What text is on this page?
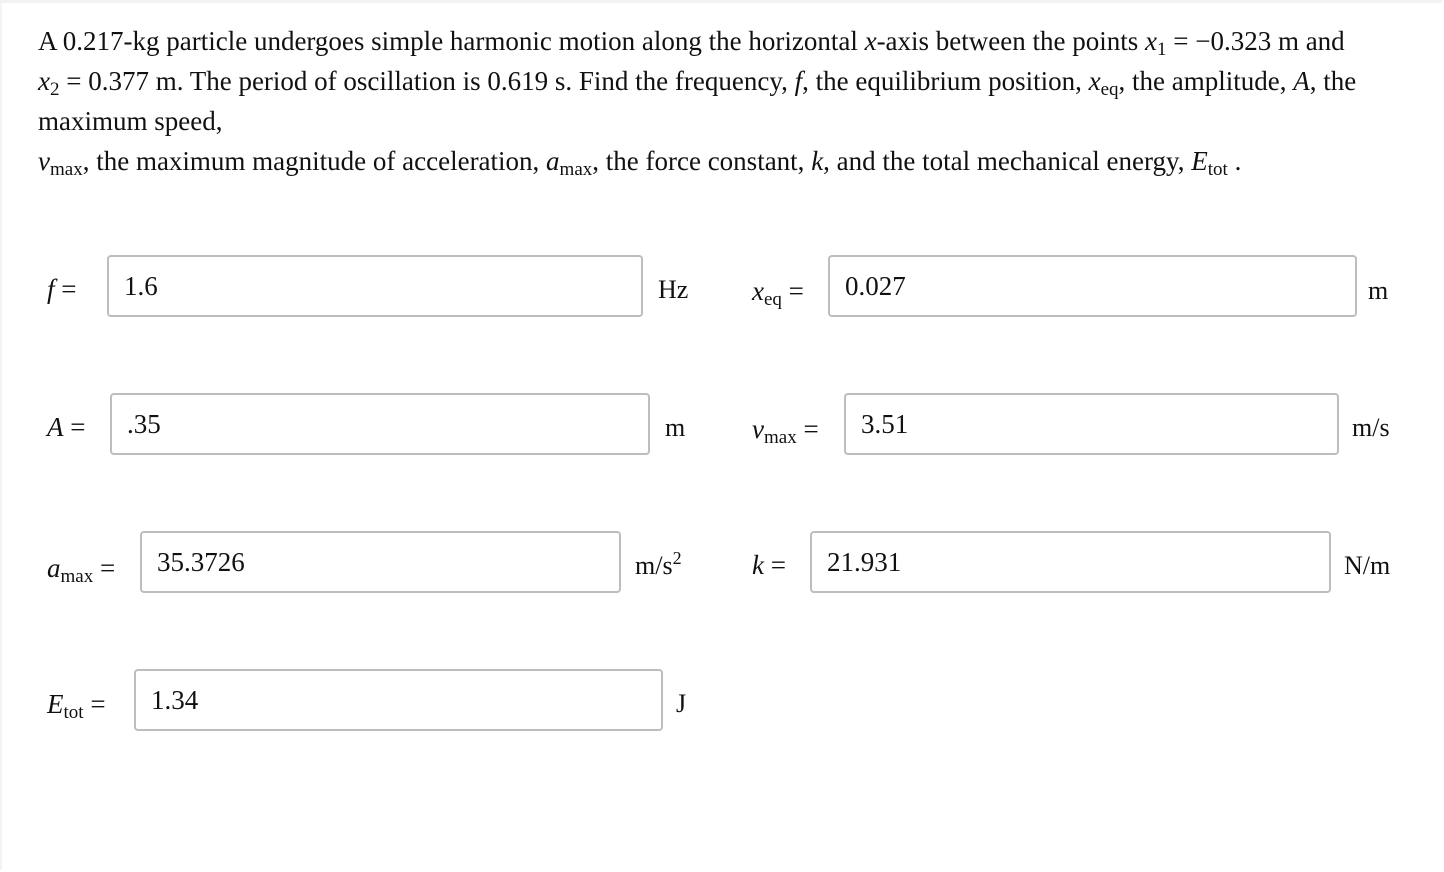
A 0.217-kg particle undergoes simple harmonic motion along the horizontal x-axis between the points $x_1 = -0.323$ m and
$x_2 = 0.377$ m. The period of oscillation is 0.619 s. Find the frequency, f, the equilibrium position, $x_{eq}$, the amplitude, A, the maximum speed,
$v_{max}$, the maximum magnitude of acceleration, $a_{max}$, the force constant, k, and the total mechanical energy, $E_{tot}$ .
f =
1.6	Hz $x_{eq}$ =
0.027	m
A =
.35	m $v_{max}$ =
3.51	m/s
$a_{max}$ =
35.3726	$m/s^2$	k =
21.931	N/m
$E_{tot}$ =
1.34	J
